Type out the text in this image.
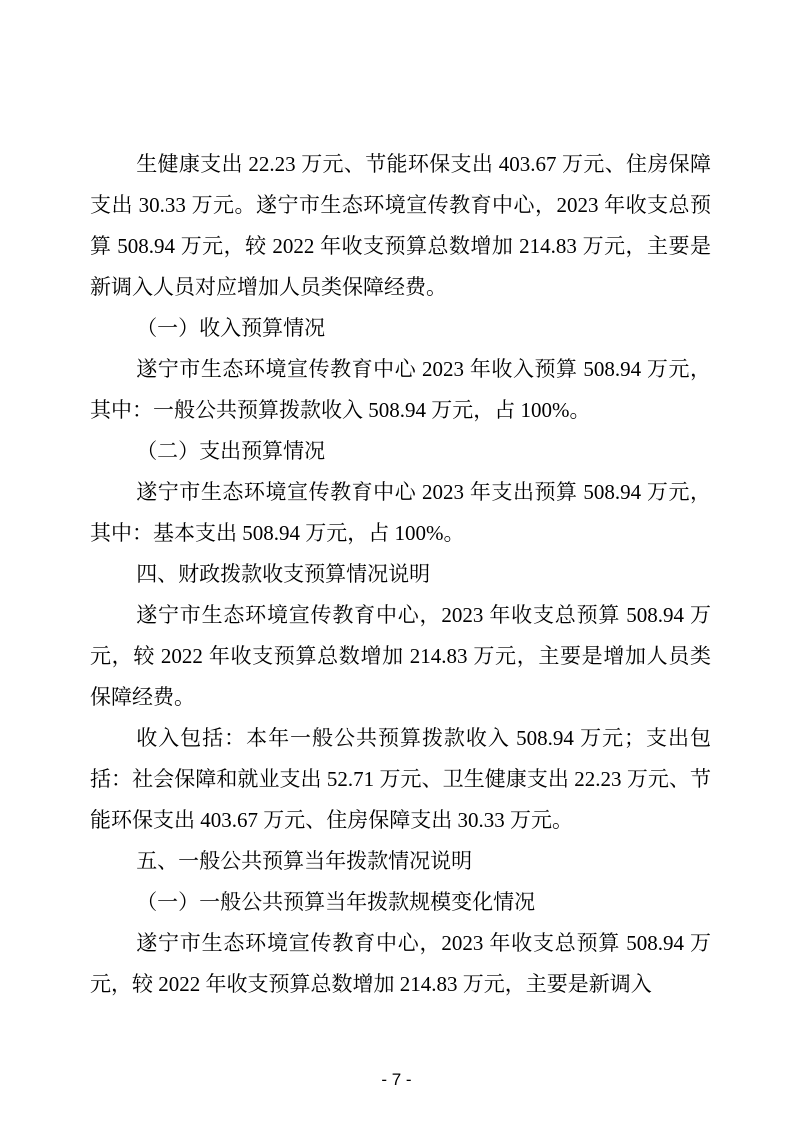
生健康支出 22.23 万元、节能环保支出 403.67 万元、住房保障支出 30.33 万元。遂宁市生态环境宣传教育中心，2023 年收支总预算 508.94 万元，较 2022 年收支预算总数增加 214.83 万元，主要是新调入人员对应增加人员类保障经费。

（一）收入预算情况

遂宁市生态环境宣传教育中心 2023 年收入预算 508.94 万元，其中：一般公共预算拨款收入 508.94 万元，占 100%。

（二）支出预算情况

遂宁市生态环境宣传教育中心 2023 年支出预算 508.94 万元，其中：基本支出 508.94 万元，占 100%。

四、财政拨款收支预算情况说明

遂宁市生态环境宣传教育中心，2023 年收支总预算 508.94 万元，较 2022 年收支预算总数增加 214.83 万元，主要是增加人员类保障经费。

收入包括：本年一般公共预算拨款收入 508.94 万元；支出包括：社会保障和就业支出 52.71 万元、卫生健康支出 22.23 万元、节能环保支出 403.67 万元、住房保障支出 30.33 万元。

五、一般公共预算当年拨款情况说明
（一）一般公共预算当年拨款规模变化情况

遂宁市生态环境宣传教育中心，2023 年收支总预算 508.94 万元，较 2022 年收支预算总数增加 214.83 万元，主要是新调入

- 7 -
